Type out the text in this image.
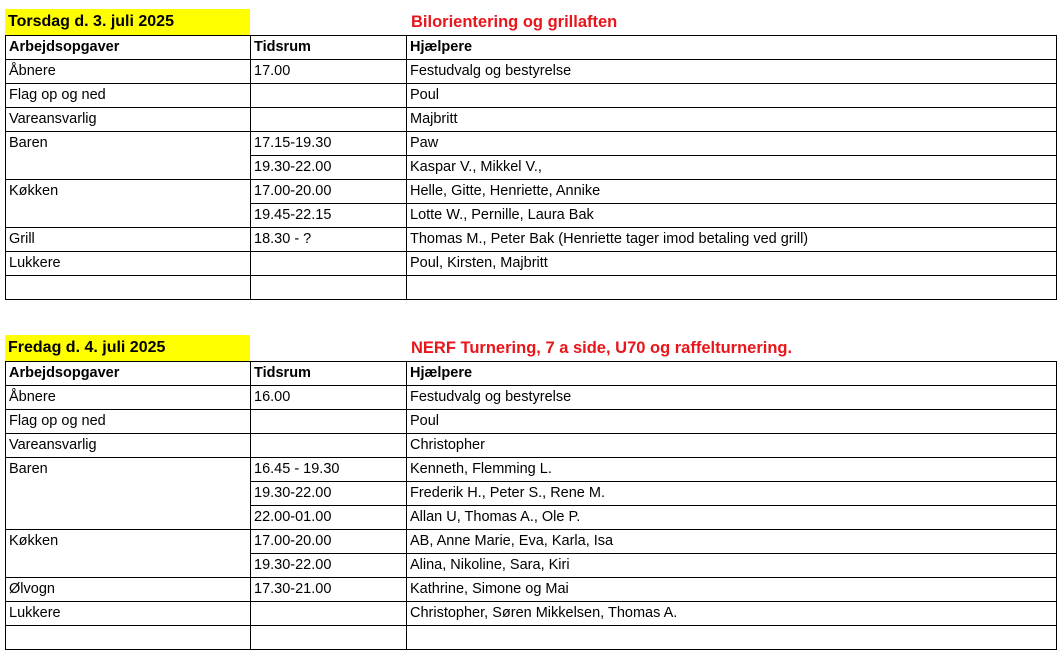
Torsdag d. 3. juli 2025	Bilorientering og grillaften
Arbejdsopgaver	Tidsrum	Hjælpere
Åbnere	17.00	Festudvalg og bestyrelse
Flag op og ned		Poul
Vareansvarlig		Majbritt
Baren	17.15-19.30	Paw
	19.30-22.00	Kaspar V., Mikkel V.,
Køkken	17.00-20.00	Helle, Gitte, Henriette, Annike
	19.45-22.15	Lotte W., Pernille, Laura Bak
Grill	18.30 - ?	Thomas M., Peter Bak (Henriette tager imod betaling ved grill)
Lukkere		Poul, Kirsten, Majbritt

Fredag d. 4. juli 2025	NERF Turnering, 7 a side, U70 og raffelturnering.
Arbejdsopgaver	Tidsrum	Hjælpere
Åbnere	16.00	Festudvalg og bestyrelse
Flag op og ned		Poul
Vareansvarlig		Christopher
Baren	16.45 - 19.30	Kenneth, Flemming L.
	19.30-22.00	Frederik H., Peter S., Rene M.
	22.00-01.00	Allan U, Thomas A., Ole P.
Køkken	17.00-20.00	AB, Anne Marie, Eva, Karla, Isa
	19.30-22.00	Alina, Nikoline, Sara, Kiri
Ølvogn	17.30-21.00	Kathrine, Simone og Mai
Lukkere		Christopher, Søren Mikkelsen, Thomas A.
